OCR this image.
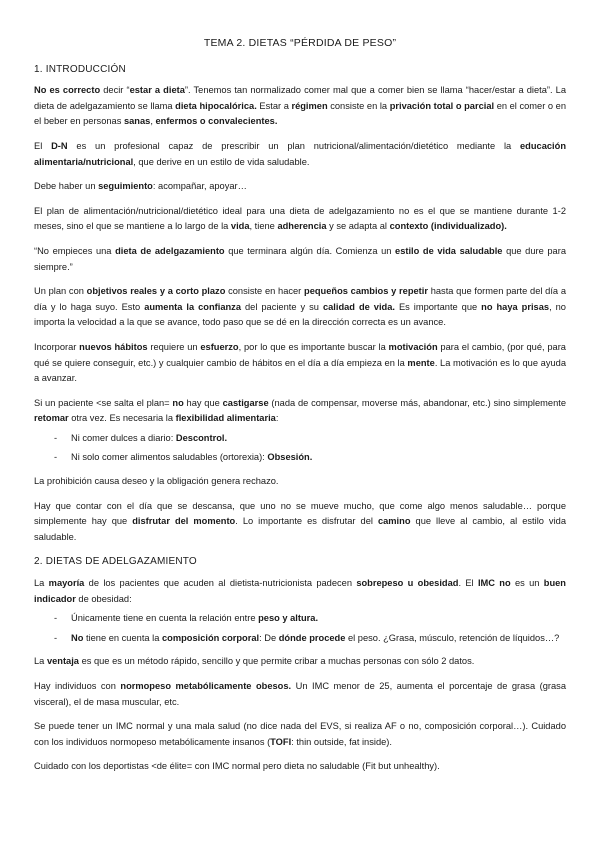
TEMA 2. DIETAS “PÉRDIDA DE PESO”
1. INTRODUCCIÓN

No es correcto decir “estar a dieta”. Tenemos tan normalizado comer mal que a comer bien se llama “hacer/estar a dieta”. La dieta de adelgazamiento se llama dieta hipocalórica. Estar a régimen consiste en la privación total o parcial en el comer o en el beber en personas sanas, enfermos o convalecientes.

El D-N es un profesional capaz de prescribir un plan nutricional/alimentación/dietético mediante la educación alimentaria/nutricional, que derive en un estilo de vida saludable.

Debe haber un seguimiento: acompañar, apoyar…

El plan de alimentación/nutricional/dietético ideal para una dieta de adelgazamiento no es el que se mantiene durante 1-2 meses, sino el que se mantiene a lo largo de la vida, tiene adherencia y se adapta al contexto (individualizado).

“No empieces una dieta de adelgazamiento que terminara algún día. Comienza un estilo de vida saludable que dure para siempre.”

Un plan con objetivos reales y a corto plazo consiste en hacer pequeños cambios y repetir hasta que formen parte del día a día y lo haga suyo. Esto aumenta la confianza del paciente y su calidad de vida. Es importante que no haya prisas, no importa la velocidad a la que se avance, todo paso que se dé en la dirección correcta es un avance.

Incorporar nuevos hábitos requiere un esfuerzo, por lo que es importante buscar la motivación para el cambio, (por qué, para qué se quiere conseguir, etc.) y cualquier cambio de hábitos en el día a día empieza en la mente. La motivación es lo que ayuda a avanzar.

Si un paciente <se salta el plan= no hay que castigarse (nada de compensar, moverse más, abandonar, etc.) sino simplemente retomar otra vez. Es necesaria la flexibilidad alimentaria:

- Ni comer dulces a diario: Descontrol.
- Ni solo comer alimentos saludables (ortorexia): Obsesión.

La prohibición causa deseo y la obligación genera rechazo.

Hay que contar con el día que se descansa, que uno no se mueve mucho, que come algo menos saludable… porque simplemente hay que disfrutar del momento. Lo importante es disfrutar del camino que lleve al cambio, al estilo vida saludable.

2. DIETAS DE ADELGAZAMIENTO

La mayoría de los pacientes que acuden al dietista-nutricionista padecen sobrepeso u obesidad. El IMC no es un buen indicador de obesidad:

- Únicamente tiene en cuenta la relación entre peso y altura.
- No tiene en cuenta la composición corporal: De dónde procede el peso. ¿Grasa, músculo, retención de líquidos…?

La ventaja es que es un método rápido, sencillo y que permite cribar a muchas personas con sólo 2 datos.

Hay individuos con normopeso metabólicamente obesos. Un IMC menor de 25, aumenta el porcentaje de grasa (grasa visceral), el de masa muscular, etc.

Se puede tener un IMC normal y una mala salud (no dice nada del EVS, si realiza AF o no, composición corporal…). Cuidado con los individuos normopeso metabólicamente insanos (TOFI: thin outside, fat inside).

Cuidado con los deportistas <de élite= con IMC normal pero dieta no saludable (Fit but unhealthy).
